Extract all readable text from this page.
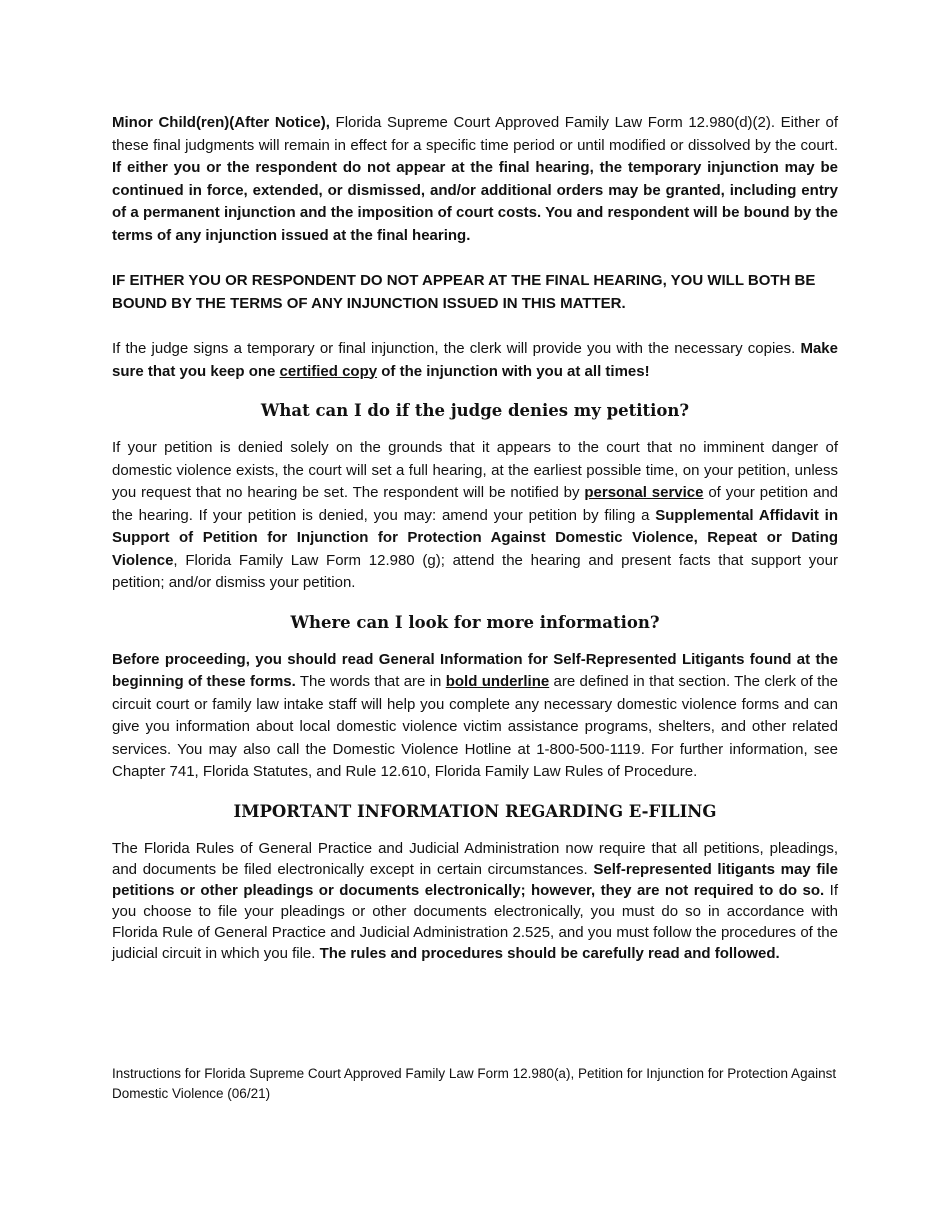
Minor Child(ren)(After Notice), Florida Supreme Court Approved Family Law Form 12.980(d)(2). Either of these final judgments will remain in effect for a specific time period or until modified or dissolved by the court. If either you or the respondent do not appear at the final hearing, the temporary injunction may be continued in force, extended, or dismissed, and/or additional orders may be granted, including entry of a permanent injunction and the imposition of court costs. You and respondent will be bound by the terms of any injunction issued at the final hearing.

IF EITHER YOU OR RESPONDENT DO NOT APPEAR AT THE FINAL HEARING, YOU WILL BOTH BE BOUND BY THE TERMS OF ANY INJUNCTION ISSUED IN THIS MATTER.

If the judge signs a temporary or final injunction, the clerk will provide you with the necessary copies. Make sure that you keep one certified copy of the injunction with you at all times!

What can I do if the judge denies my petition?

If your petition is denied solely on the grounds that it appears to the court that no imminent danger of domestic violence exists, the court will set a full hearing, at the earliest possible time, on your petition, unless you request that no hearing be set. The respondent will be notified by personal service of your petition and the hearing. If your petition is denied, you may: amend your petition by filing a Supplemental Affidavit in Support of Petition for Injunction for Protection Against Domestic Violence, Repeat or Dating Violence, Florida Family Law Form 12.980 (g); attend the hearing and present facts that support your petition; and/or dismiss your petition.

Where can I look for more information?

Before proceeding, you should read General Information for Self-Represented Litigants found at the beginning of these forms. The words that are in bold underline are defined in that section. The clerk of the circuit court or family law intake staff will help you complete any necessary domestic violence forms and can give you information about local domestic violence victim assistance programs, shelters, and other related services. You may also call the Domestic Violence Hotline at 1-800-500-1119. For further information, see Chapter 741, Florida Statutes, and Rule 12.610, Florida Family Law Rules of Procedure.

IMPORTANT INFORMATION REGARDING E-FILING

The Florida Rules of General Practice and Judicial Administration now require that all petitions, pleadings, and documents be filed electronically except in certain circumstances. Self-represented litigants may file petitions or other pleadings or documents electronically; however, they are not required to do so. If you choose to file your pleadings or other documents electronically, you must do so in accordance with Florida Rule of General Practice and Judicial Administration 2.525, and you must follow the procedures of the judicial circuit in which you file. The rules and procedures should be carefully read and followed.

Instructions for Florida Supreme Court Approved Family Law Form 12.980(a), Petition for Injunction for Protection Against Domestic Violence (06/21)
